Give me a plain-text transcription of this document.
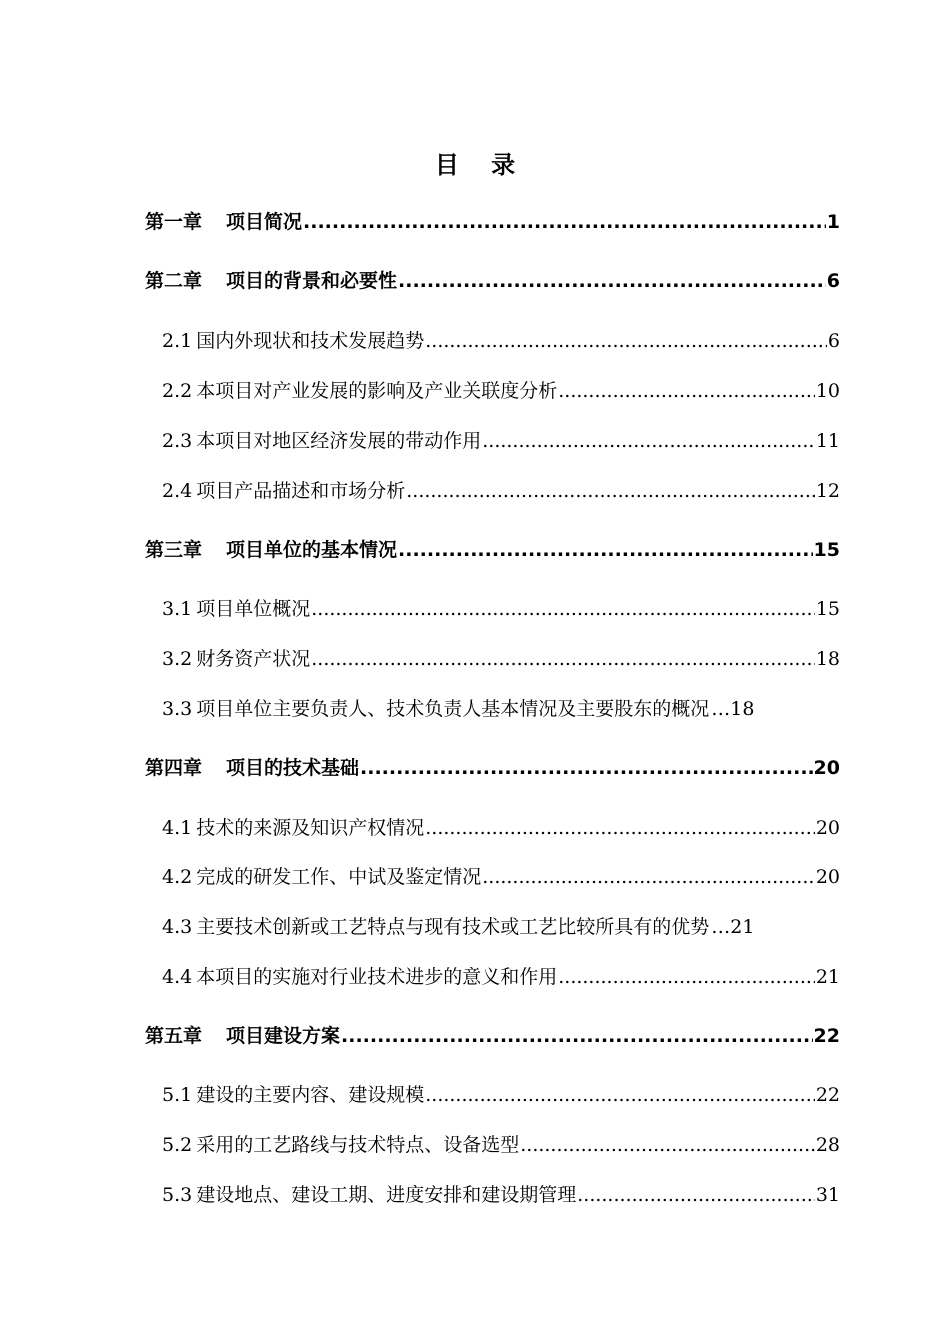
目 录
第一章 项目简况 .....	1
第二章 项目的背景和必要性 .....	6
2.1 国内外现状和技术发展趋势 .....	6
2.2 本项目对产业发展的影响及产业关联度分析 .....	10
2.3 本项目对地区经济发展的带动作用 .....	11
2.4 项目产品描述和市场分析 .....	12
第三章 项目单位的基本情况 .....	15
3.1 项目单位概况 .....	15
3.2 财务资产状况 .....	18
3.3 项目单位主要负责人、技术负责人基本情况及主要股东的概况 … 18
第四章 项目的技术基础 .....	20
4.1 技术的来源及知识产权情况 .....	20
4.2 完成的研发工作、中试及鉴定情况 .....	20
4.3 主要技术创新或工艺特点与现有技术或工艺比较所具有的优势 … 21
4.4 本项目的实施对行业技术进步的意义和作用 .....	21
第五章 项目建设方案 .....	22
5.1 建设的主要内容、建设规模 .....	22
5.2 采用的工艺路线与技术特点、设备选型 .....	28
5.3 建设地点、建设工期、进度安排和建设期管理 .....	31
